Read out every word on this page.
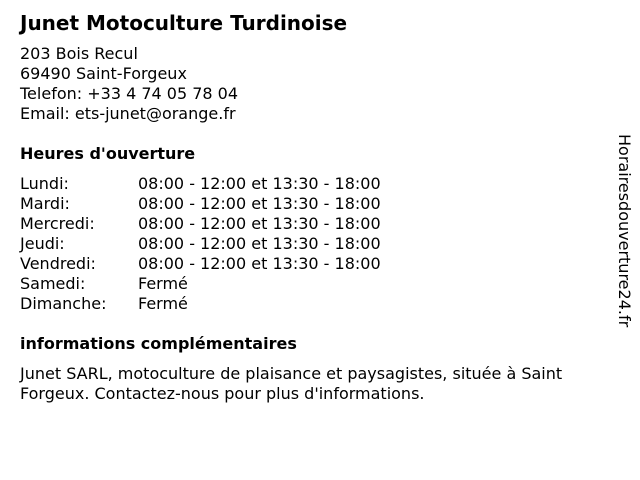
Junet Motoculture Turdinoise
203 Bois Recul
69490 Saint-Forgeux
Telefon: +33 4 74 05 78 04
Email: ets-junet@orange.fr
Heures d'ouverture
Lundi:	08:00 - 12:00 et 13:30 - 18:00
Mardi:	08:00 - 12:00 et 13:30 - 18:00
Mercredi:	08:00 - 12:00 et 13:30 - 18:00
Jeudi:	08:00 - 12:00 et 13:30 - 18:00
Vendredi:	08:00 - 12:00 et 13:30 - 18:00
Samedi:	Fermé
Dimanche:	Fermé
informations complémentaires
Junet SARL, motoculture de plaisance et paysagistes, située à Saint Forgeux. Contactez-nous pour plus d'informations.
Horairesdouverture24.fr
